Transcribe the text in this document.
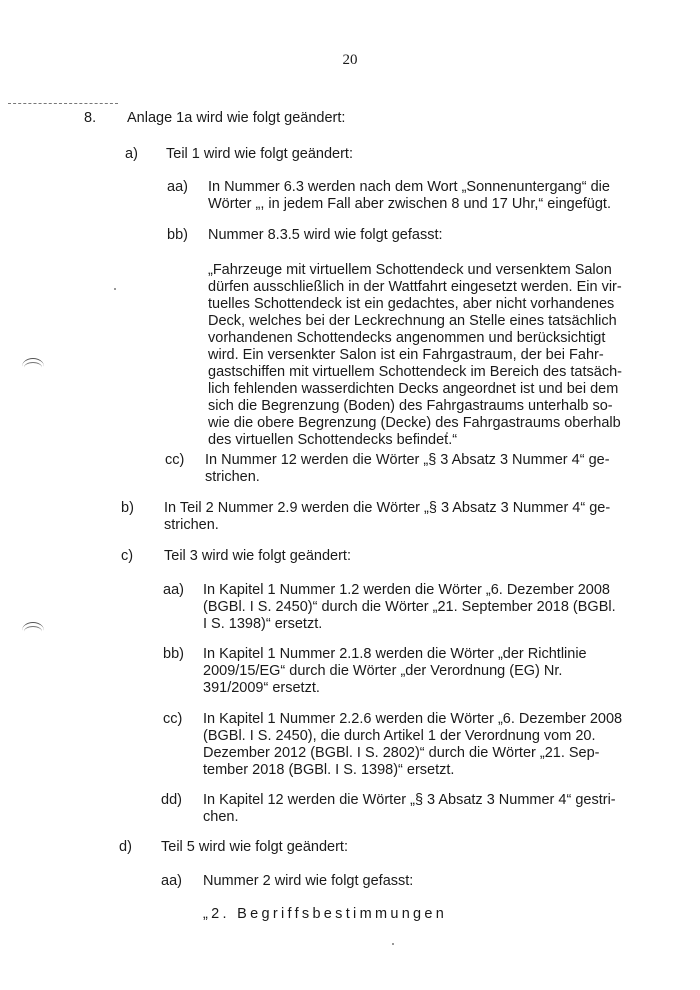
20
8. Anlage 1a wird wie folgt geändert:
a) Teil 1 wird wie folgt geändert:
aa) In Nummer 6.3 werden nach dem Wort „Sonnenuntergang“ die
Wörter „, in jedem Fall aber zwischen 8 und 17 Uhr,“ eingefügt.
bb) Nummer 8.3.5 wird wie folgt gefasst:
„Fahrzeuge mit virtuellem Schottendeck und versenktem Salon
dürfen ausschließlich in der Wattfahrt eingesetzt werden. Ein vir-
tuelles Schottendeck ist ein gedachtes, aber nicht vorhandenes
Deck, welches bei der Leckrechnung an Stelle eines tatsächlich
vorhandenen Schottendecks angenommen und berücksichtigt
wird. Ein versenkter Salon ist ein Fahrgastraum, der bei Fahr-
gastschiffen mit virtuellem Schottendeck im Bereich des tatsäch-
lich fehlenden wasserdichten Decks angeordnet ist und bei dem
sich die Begrenzung (Boden) des Fahrgastraums unterhalb so-
wie die obere Begrenzung (Decke) des Fahrgastraums oberhalb
des virtuellen Schottendecks befindet.“
cc) In Nummer 12 werden die Wörter „§ 3 Absatz 3 Nummer 4“ ge-
strichen.
b) In Teil 2 Nummer 2.9 werden die Wörter „§ 3 Absatz 3 Nummer 4“ ge-
strichen.
c) Teil 3 wird wie folgt geändert:
aa) In Kapitel 1 Nummer 1.2 werden die Wörter „6. Dezember 2008
(BGBl. I S. 2450)“ durch die Wörter „21. September 2018 (BGBl.
I S. 1398)“ ersetzt.
bb) In Kapitel 1 Nummer 2.1.8 werden die Wörter „der Richtlinie
2009/15/EG“ durch die Wörter „der Verordnung (EG) Nr.
391/2009“ ersetzt.
cc) In Kapitel 1 Nummer 2.2.6 werden die Wörter „6. Dezember 2008
(BGBl. I S. 2450), die durch Artikel 1 der Verordnung vom 20.
Dezember 2012 (BGBl. I S. 2802)“ durch die Wörter „21. Sep-
tember 2018 (BGBl. I S. 1398)“ ersetzt.
dd) In Kapitel 12 werden die Wörter „§ 3 Absatz 3 Nummer 4“ gestri-
chen.
d) Teil 5 wird wie folgt geändert:
aa) Nummer 2 wird wie folgt gefasst:
„2. Begriffsbestimmungen
